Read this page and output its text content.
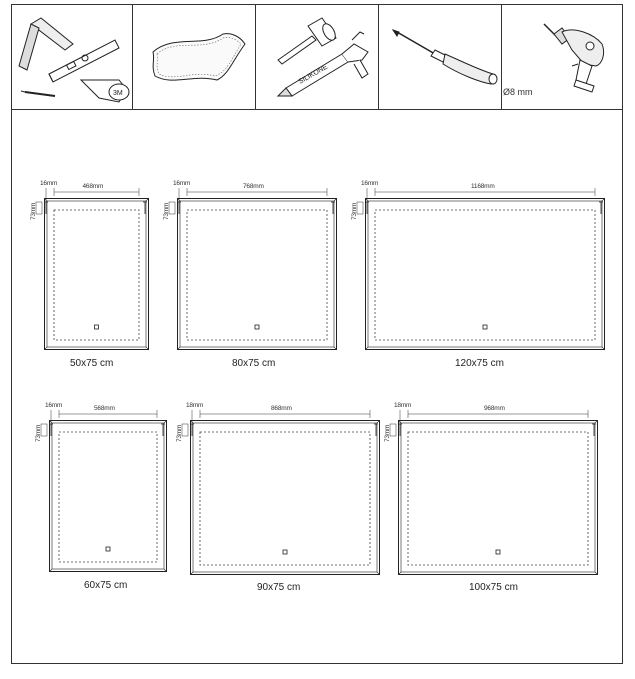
3M
SILIKONE
Ø8 mm
468mm
16mm
73mm
50x75 cm
768mm
16mm
73mm
80x75 cm
1168mm
16mm
73mm
120x75 cm
568mm
16mm
73mm
60x75 cm
868mm
18mm
73mm
90x75 cm
968mm
18mm
73mm
100x75 cm
